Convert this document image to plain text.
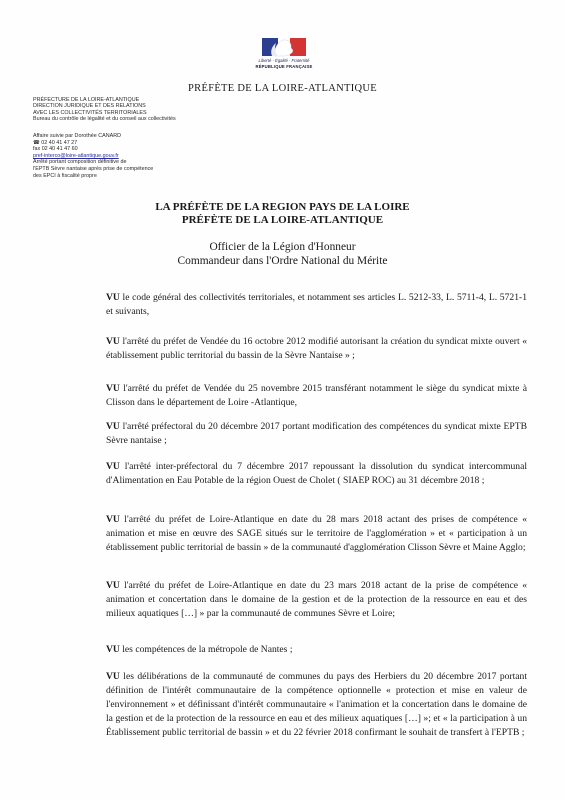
Liberté · Égalité · Fraternité
RÉPUBLIQUE FRANÇAISE
PRÉFÈTE DE LA LOIRE-ATLANTIQUE
PRÉFECTURE DE LA LOIRE-ATLANTIQUE
DIRECTION JURIDIQUE ET DES RELATIONS
AVEC LES COLLECTIVITÉS TERRITORIALES
Bureau du contrôle de légalité et du conseil aux collectivités
Affaire suivie par Dorothée CANARD
☎ 02 40 41 47 27
fax 02 40 41 47 60
pref-interco@loire-atlantique.gouv.fr
Arrêté portant composition définitive de
l'EPTB Sèvre nantaise après prise de compétence
des EPCI à fiscalité propre
LA PRÉFÈTE DE LA REGION PAYS DE LA LOIRE
PRÉFÈTE DE LA LOIRE-ATLANTIQUE
Officier de la Légion d'Honneur
Commandeur dans l'Ordre National du Mérite
VU le code général des collectivités territoriales, et notamment ses articles L. 5212-33, L. 5711-4, L. 5721-1 et suivants,
VU l'arrêté du préfet de Vendée du 16 octobre 2012 modifié autorisant la création du syndicat mixte ouvert « établissement public territorial du bassin de la Sèvre Nantaise » ;
VU l'arrêté du préfet de Vendée du 25 novembre 2015 transférant notamment le siège du syndicat mixte à Clisson dans le département de Loire -Atlantique,
VU l'arrêté préfectoral du 20 décembre 2017 portant modification des compétences du syndicat mixte EPTB Sèvre nantaise ;
VU l'arrêté inter-préfectoral du 7 décembre 2017 repoussant la dissolution du syndicat intercommunal d'Alimentation en Eau Potable de la région Ouest de Cholet ( SIAEP ROC) au 31 décembre 2018 ;
VU l'arrêté du préfet de Loire-Atlantique en date du 28 mars 2018 actant des prises de compétence « animation et mise en œuvre des SAGE situés sur le territoire de l'agglomération » et « participation à un établissement public territorial de bassin » de la communauté d'agglomération Clisson Sèvre et Maine Agglo;
VU l'arrêté du préfet de Loire-Atlantique en date du 23 mars 2018 actant de la prise de compétence « animation et concertation dans le domaine de la gestion et de la protection de la ressource en eau et des milieux aquatiques […] » par la communauté de communes Sèvre et Loire;
VU les compétences de la métropole de Nantes ;
VU les délibérations de la communauté de communes du pays des Herbiers du 20 décembre 2017 portant définition de l'intérêt communautaire de la compétence optionnelle « protection et mise en valeur de l'environnement » et définissant d'intérêt communautaire « l'animation et la concertation dans le domaine de la gestion et de la protection de la ressource en eau et des milieux aquatiques […] »; et « la participation à un Établissement public territorial de bassin » et du 22 février 2018 confirmant le souhait de transfert à l'EPTB ;
